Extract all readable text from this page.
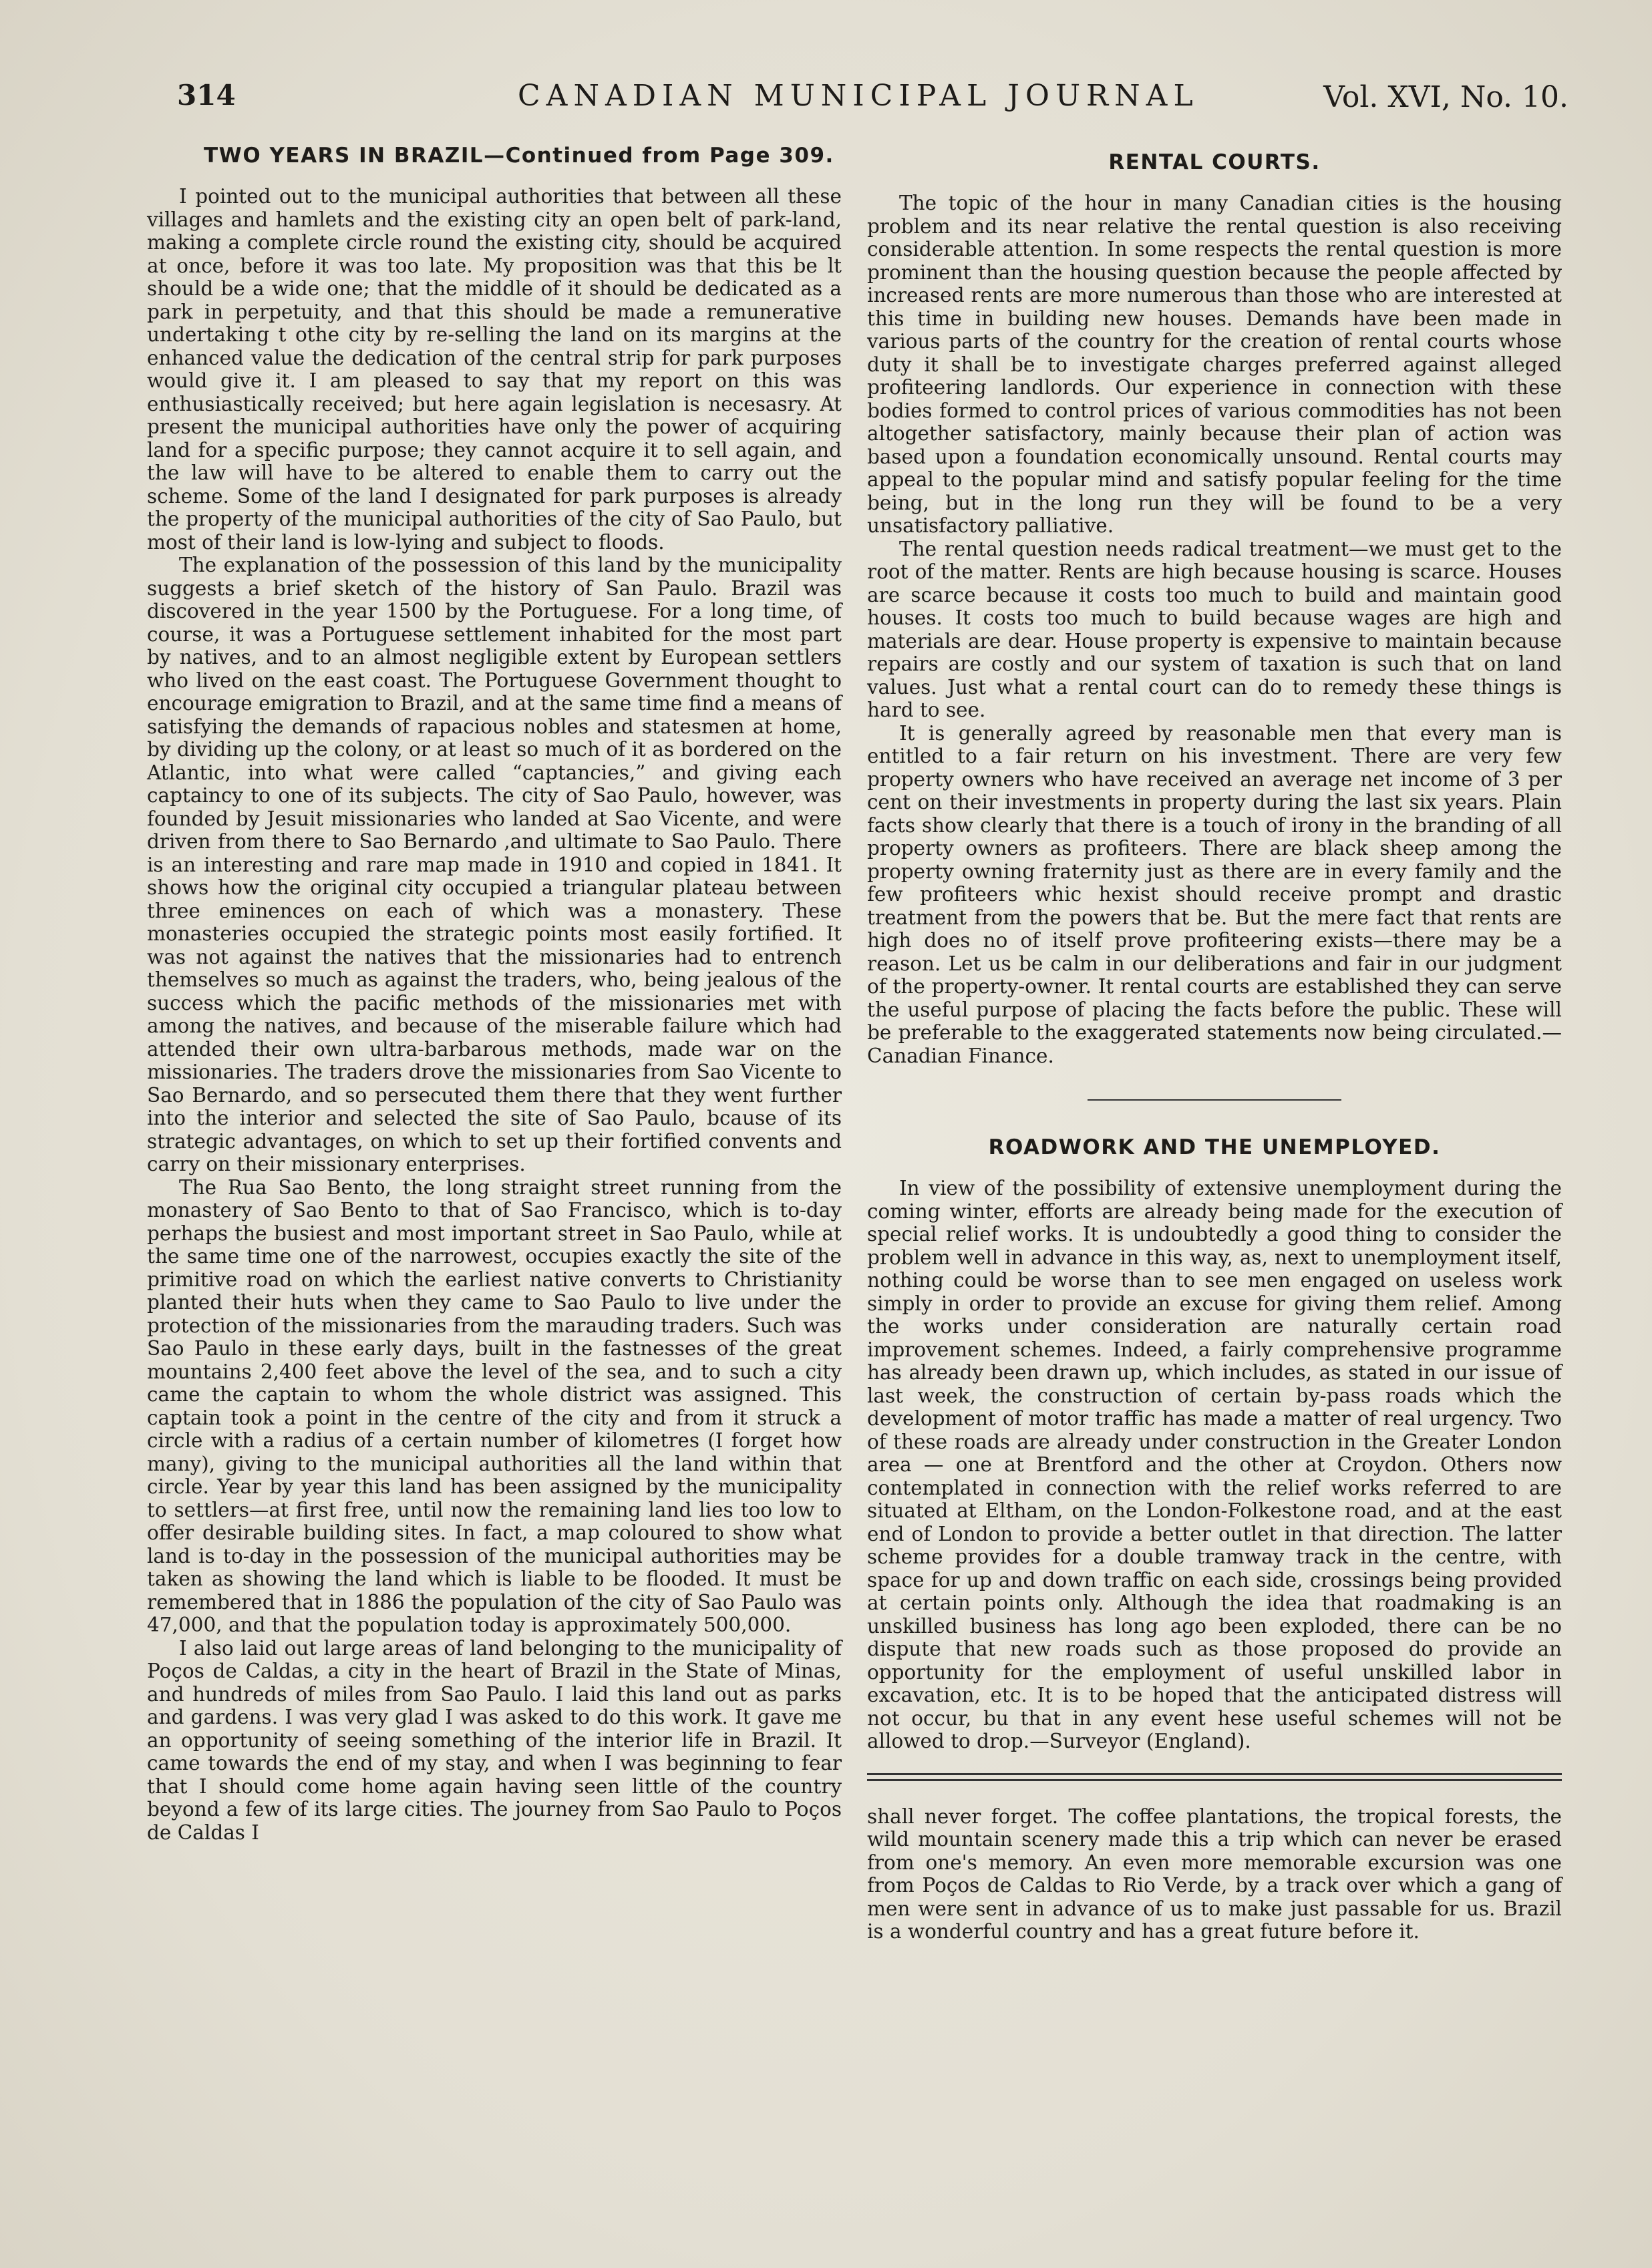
314	CANADIAN MUNICIPAL JOURNAL	Vol. XVI, No. 10.
TWO YEARS IN BRAZIL—Continued from Page 309.

I pointed out to the municipal authorities that between all these villages and hamlets and the existing city an open belt of park-land, making a complete circle round the existing city, should be acquired at once, before it was too late. My proposition was that this be lt should be a wide one; that the middle of it should be dedicated as a park in perpetuity, and that this should be made a remunerative undertaking t othe city by re-selling the land on its margins at the enhanced value the dedication of the central strip for park purposes would give it. I am pleased to say that my report on this was enthusiastically received; but here again legislation is necesasry. At present the municipal authorities have only the power of acquiring land for a specific purpose; they cannot acquire it to sell again, and the law will have to be altered to enable them to carry out the scheme. Some of the land I designated for park purposes is already the property of the municipal authorities of the city of Sao Paulo, but most of their land is low-lying and subject to floods.

The explanation of the possession of this land by the municipality suggests a brief sketch of the history of San Paulo. Brazil was discovered in the year 1500 by the Portuguese. For a long time, of course, it was a Portuguese settlement inhabited for the most part by natives, and to an almost negligible extent by European settlers who lived on the east coast. The Portuguese Government thought to encourage emigration to Brazil, and at the same time find a means of satisfying the demands of rapacious nobles and statesmen at home, by dividing up the colony, or at least so much of it as bordered on the Atlantic, into what were called “captancies,” and giving each captaincy to one of its subjects. The city of Sao Paulo, however, was founded by Jesuit missionaries who landed at Sao Vicente, and were driven from there to Sao Bernardo ,and ultimate to Sao Paulo. There is an interesting and rare map made in 1910 and copied in 1841. It shows how the original city occupied a triangular plateau between three eminences on each of which was a monastery. These monasteries occupied the strategic points most easily fortified. It was not against the natives that the missionaries had to entrench themselves so much as against the traders, who, being jealous of the success which the pacific methods of the missionaries met with among the natives, and because of the miserable failure which had attended their own ultra-barbarous methods, made war on the missionaries. The traders drove the missionaries from Sao Vicente to Sao Bernardo, and so persecuted them there that they went further into the interior and selected the site of Sao Paulo, bcause of its strategic advantages, on which to set up their fortified convents and carry on their missionary enterprises.

The Rua Sao Bento, the long straight street running from the monastery of Sao Bento to that of Sao Francisco, which is to-day perhaps the busiest and most important street in Sao Paulo, while at the same time one of the narrowest, occupies exactly the site of the primitive road on which the earliest native converts to Christianity planted their huts when they came to Sao Paulo to live under the protection of the missionaries from the marauding traders. Such was Sao Paulo in these early days, built in the fastnesses of the great mountains 2,400 feet above the level of the sea, and to such a city came the captain to whom the whole district was assigned. This captain took a point in the centre of the city and from it struck a circle with a radius of a certain number of kilometres (I forget how many), giving to the municipal authorities all the land within that circle. Year by year this land has been assigned by the municipality to settlers—at first free, until now the remaining land lies too low to offer desirable building sites. In fact, a map coloured to show what land is to-day in the possession of the municipal authorities may be taken as showing the land which is liable to be flooded. It must be remembered that in 1886 the population of the city of Sao Paulo was 47,000, and that the population today is approximately 500,000.

I also laid out large areas of land belonging to the municipality of Poços de Caldas, a city in the heart of Brazil in the State of Minas, and hundreds of miles from Sao Paulo. I laid this land out as parks and gardens. I was very glad I was asked to do this work. It gave me an opportunity of seeing something of the interior life in Brazil. It came towards the end of my stay, and when I was beginning to fear that I should come home again having seen little of the country beyond a few of its large cities. The journey from Sao Paulo to Poços de Caldas I

RENTAL COURTS.

The topic of the hour in many Canadian cities is the housing problem and its near relative the rental question is also receiving considerable attention. In some respects the rental question is more prominent than the housing question because the people affected by increased rents are more numerous than those who are interested at this time in building new houses. Demands have been made in various parts of the country for the creation of rental courts whose duty it shall be to investigate charges preferred against alleged profiteering landlords. Our experience in connection with these bodies formed to control prices of various commodities has not been altogether satisfactory, mainly because their plan of action was based upon a foundation economically unsound. Rental courts may appeal to the popular mind and satisfy popular feeling for the time being, but in the long run they will be found to be a very unsatisfactory palliative.

The rental question needs radical treatment—we must get to the root of the matter. Rents are high because housing is scarce. Houses are scarce because it costs too much to build and maintain good houses. It costs too much to build because wages are high and materials are dear. House property is expensive to maintain because repairs are costly and our system of taxation is such that on land values. Just what a rental court can do to remedy these things is hard to see.

It is generally agreed by reasonable men that every man is entitled to a fair return on his investment. There are very few property owners who have received an average net income of 3 per cent on their investments in property during the last six years. Plain facts show clearly that there is a touch of irony in the branding of all property owners as profiteers. There are black sheep among the property owning fraternity just as there are in every family and the few profiteers whic hexist should receive prompt and drastic treatment from the powers that be. But the mere fact that rents are high does no of itself prove profiteering exists—there may be a reason. Let us be calm in our deliberations and fair in our judgment of the property-owner. It rental courts are established they can serve the useful purpose of placing the facts before the public. These will be preferable to the exaggerated statements now being circulated.—Canadian Finance.

ROADWORK AND THE UNEMPLOYED.

In view of the possibility of extensive unemployment during the coming winter, efforts are already being made for the execution of special relief works. It is undoubtedly a good thing to consider the problem well in advance in this way, as, next to unemployment itself, nothing could be worse than to see men engaged on useless work simply in order to provide an excuse for giving them relief. Among the works under consideration are naturally certain road improvement schemes. Indeed, a fairly comprehensive programme has already been drawn up, which includes, as stated in our issue of last week, the construction of certain by-pass roads which the development of motor traffic has made a matter of real urgency. Two of these roads are already under construction in the Greater London area — one at Brentford and the other at Croydon. Others now contemplated in connection with the relief works referred to are situated at Eltham, on the London-Folkestone road, and at the east end of London to provide a better outlet in that direction. The latter scheme provides for a double tramway track in the centre, with space for up and down traffic on each side, crossings being provided at certain points only. Although the idea that roadmaking is an unskilled business has long ago been exploded, there can be no dispute that new roads such as those proposed do provide an opportunity for the employment of useful unskilled labor in excavation, etc. It is to be hoped that the anticipated distress will not occur, bu that in any event hese useful schemes will not be allowed to drop.—Surveyor (England).

shall never forget. The coffee plantations, the tropical forests, the wild mountain scenery made this a trip which can never be erased from one's memory. An even more memorable excursion was one from Poços de Caldas to Rio Verde, by a track over which a gang of men were sent in advance of us to make just passable for us. Brazil is a wonderful country and has a great future before it.
